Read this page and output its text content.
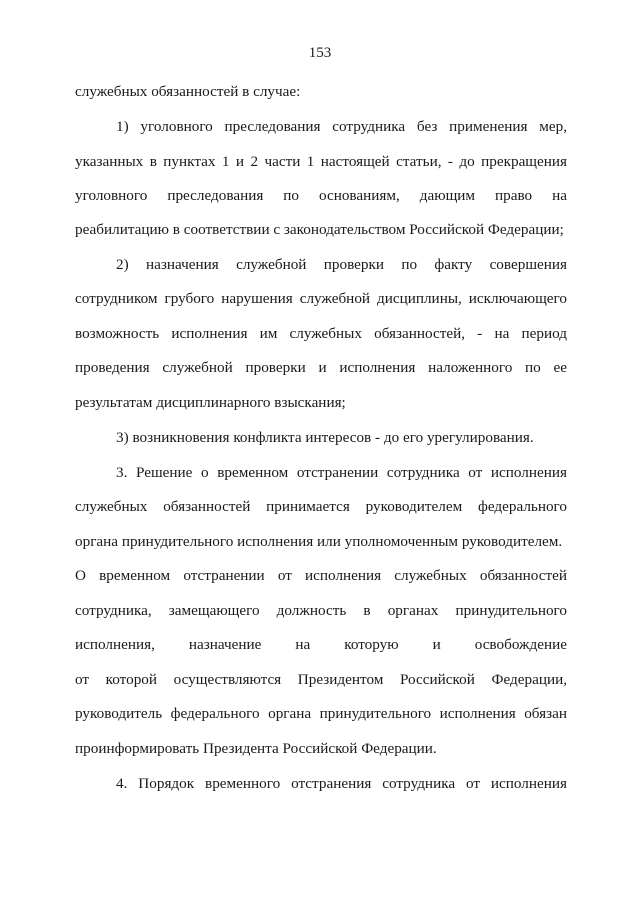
153
служебных обязанностей в случае:
1) уголовного преследования сотрудника без применения мер,
указанных в пунктах 1 и 2 части 1 настоящей статьи, - до прекращения
уголовного преследования по основаниям, дающим право на
реабилитацию в соответствии с законодательством Российской Федерации;
2) назначения служебной проверки по факту совершения
сотрудником грубого нарушения служебной дисциплины, исключающего
возможность исполнения им служебных обязанностей, - на период
проведения служебной проверки и исполнения наложенного по ее
результатам дисциплинарного взыскания;
3) возникновения конфликта интересов - до его урегулирования.
3. Решение о временном отстранении сотрудника от исполнения
служебных обязанностей принимается руководителем федерального
органа принудительного исполнения или уполномоченным руководителем.
О временном отстранении от исполнения служебных обязанностей
сотрудника, замещающего должность в органах принудительного
исполнения, назначение на которую и освобождение
от которой осуществляются Президентом Российской Федерации,
руководитель федерального органа принудительного исполнения обязан
проинформировать Президента Российской Федерации.
4. Порядок временного отстранения сотрудника от исполнения
